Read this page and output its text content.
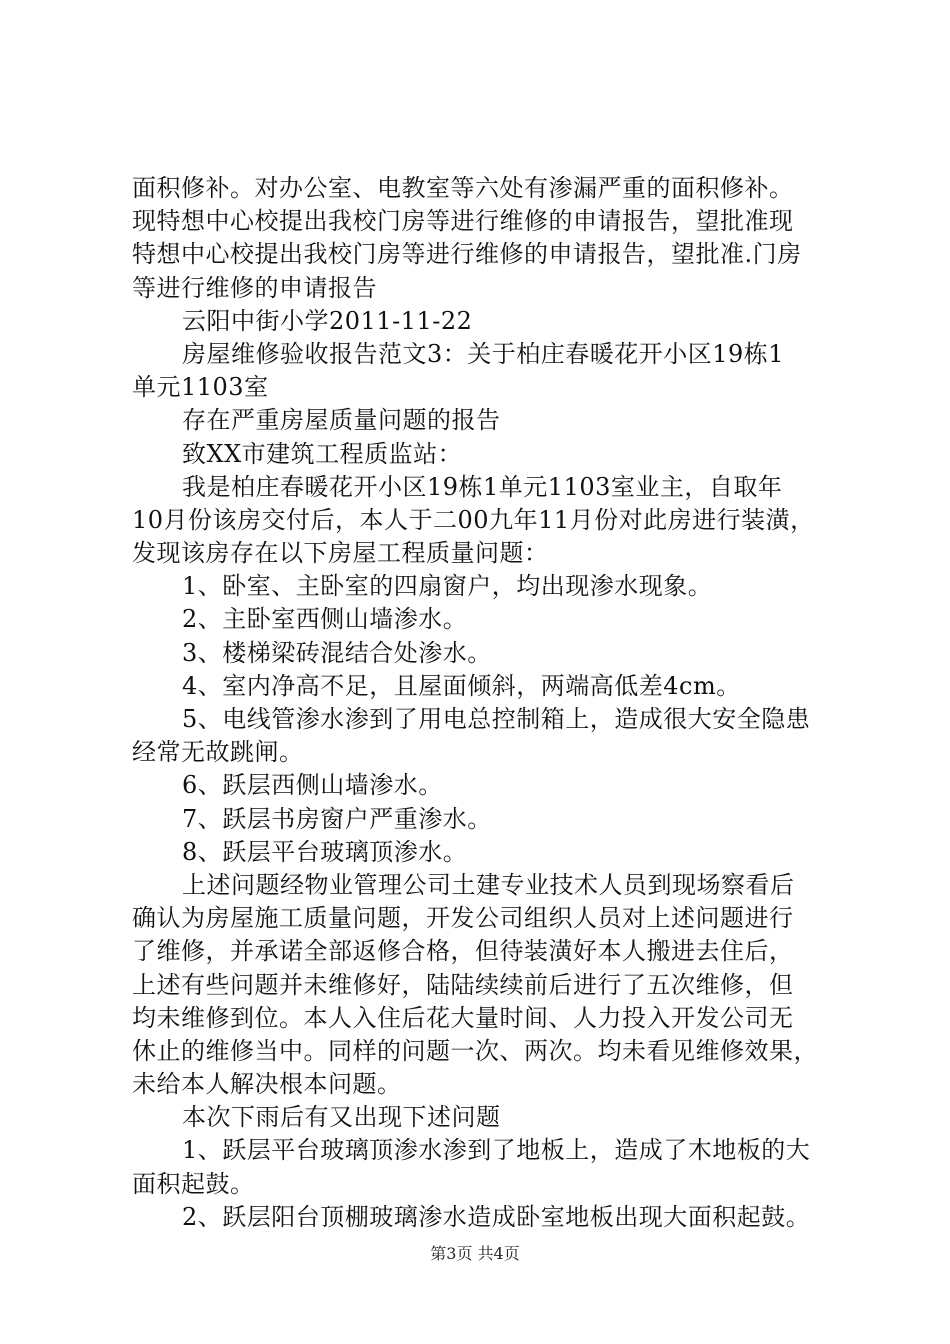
面积修补。对办公室、电教室等六处有渗漏严重的面积修补。
现特想中心校提出我校门房等进行维修的申请报告，望批准现
特想中心校提出我校门房等进行维修的申请报告，望批准.门房
等进行维修的申请报告
云阳中街小学2011-11-22
房屋维修验收报告范文3：关于柏庄春暖花开小区19栋1
单元1103室
存在严重房屋质量问题的报告
致XX市建筑工程质监站：
我是柏庄春暖花开小区19栋1单元1103室业主，自取年
10月份该房交付后，本人于二00九年11月份对此房进行装潢，
发现该房存在以下房屋工程质量问题：
1、卧室、主卧室的四扇窗户，均出现渗水现象。
2、主卧室西侧山墙渗水。
3、楼梯梁砖混结合处渗水。
4、室内净高不足，且屋面倾斜，两端高低差4cm。
5、电线管渗水渗到了用电总控制箱上，造成很大安全隐患
经常无故跳闸。
6、跃层西侧山墙渗水。
7、跃层书房窗户严重渗水。
8、跃层平台玻璃顶渗水。
上述问题经物业管理公司土建专业技术人员到现场察看后
确认为房屋施工质量问题，开发公司组织人员对上述问题进行
了维修，并承诺全部返修合格，但待装潢好本人搬进去住后，
上述有些问题并未维修好，陆陆续续前后进行了五次维修，但
均未维修到位。本人入住后花大量时间、人力投入开发公司无
休止的维修当中。同样的问题一次、两次。均未看见维修效果，
未给本人解决根本问题。
本次下雨后有又出现下述问题
1、跃层平台玻璃顶渗水渗到了地板上，造成了木地板的大
面积起鼓。
2、跃层阳台顶棚玻璃渗水造成卧室地板出现大面积起鼓。
第3页 共4页
